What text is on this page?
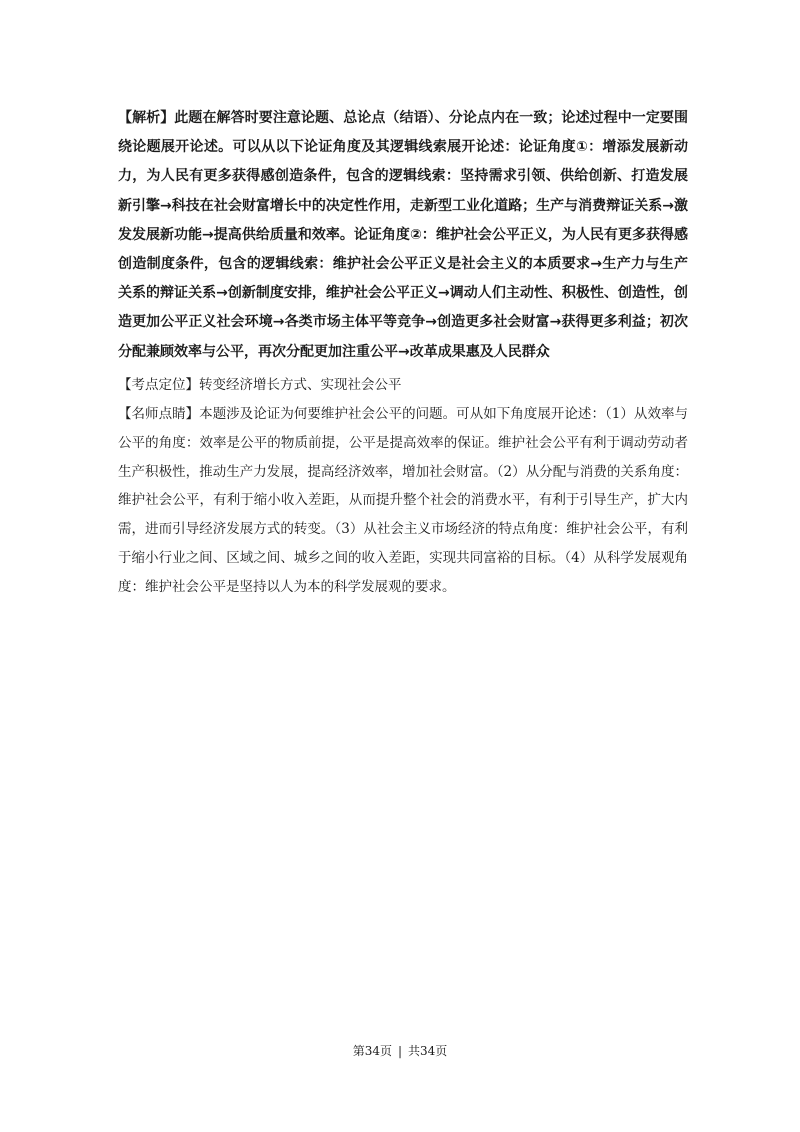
【解析】此题在解答时要注意论题、总论点（结语）、分论点内在一致；论述过程中一定要围绕论题展开论述。可以从以下论证角度及其逻辑线索展开论述：论证角度①：增添发展新动力，为人民有更多获得感创造条件，包含的逻辑线索：坚持需求引领、供给创新、打造发展新引擎→科技在社会财富增长中的决定性作用，走新型工业化道路；生产与消费辩证关系→激发发展新功能→提高供给质量和效率。论证角度②：维护社会公平正义，为人民有更多获得感创造制度条件，包含的逻辑线索：维护社会公平正义是社会主义的本质要求→生产力与生产关系的辩证关系→创新制度安排，维护社会公平正义→调动人们主动性、积极性、创造性，创造更加公平正义社会环境→各类市场主体平等竞争→创造更多社会财富→获得更多利益；初次分配兼顾效率与公平，再次分配更加注重公平→改革成果惠及人民群众

【考点定位】转变经济增长方式、实现社会公平

【名师点睛】本题涉及论证为何要维护社会公平的问题。可从如下角度展开论述：（1）从效率与公平的角度：效率是公平的物质前提，公平是提高效率的保证。维护社会公平有利于调动劳动者生产积极性，推动生产力发展，提高经济效率，增加社会财富。（2）从分配与消费的关系角度：维护社会公平，有利于缩小收入差距，从而提升整个社会的消费水平，有利于引导生产，扩大内需，进而引导经济发展方式的转变。（3）从社会主义市场经济的特点角度：维护社会公平，有利于缩小行业之间、区域之间、城乡之间的收入差距，实现共同富裕的目标。（4）从科学发展观角度：维护社会公平是坚持以人为本的科学发展观的要求。

第34页 | 共34页
